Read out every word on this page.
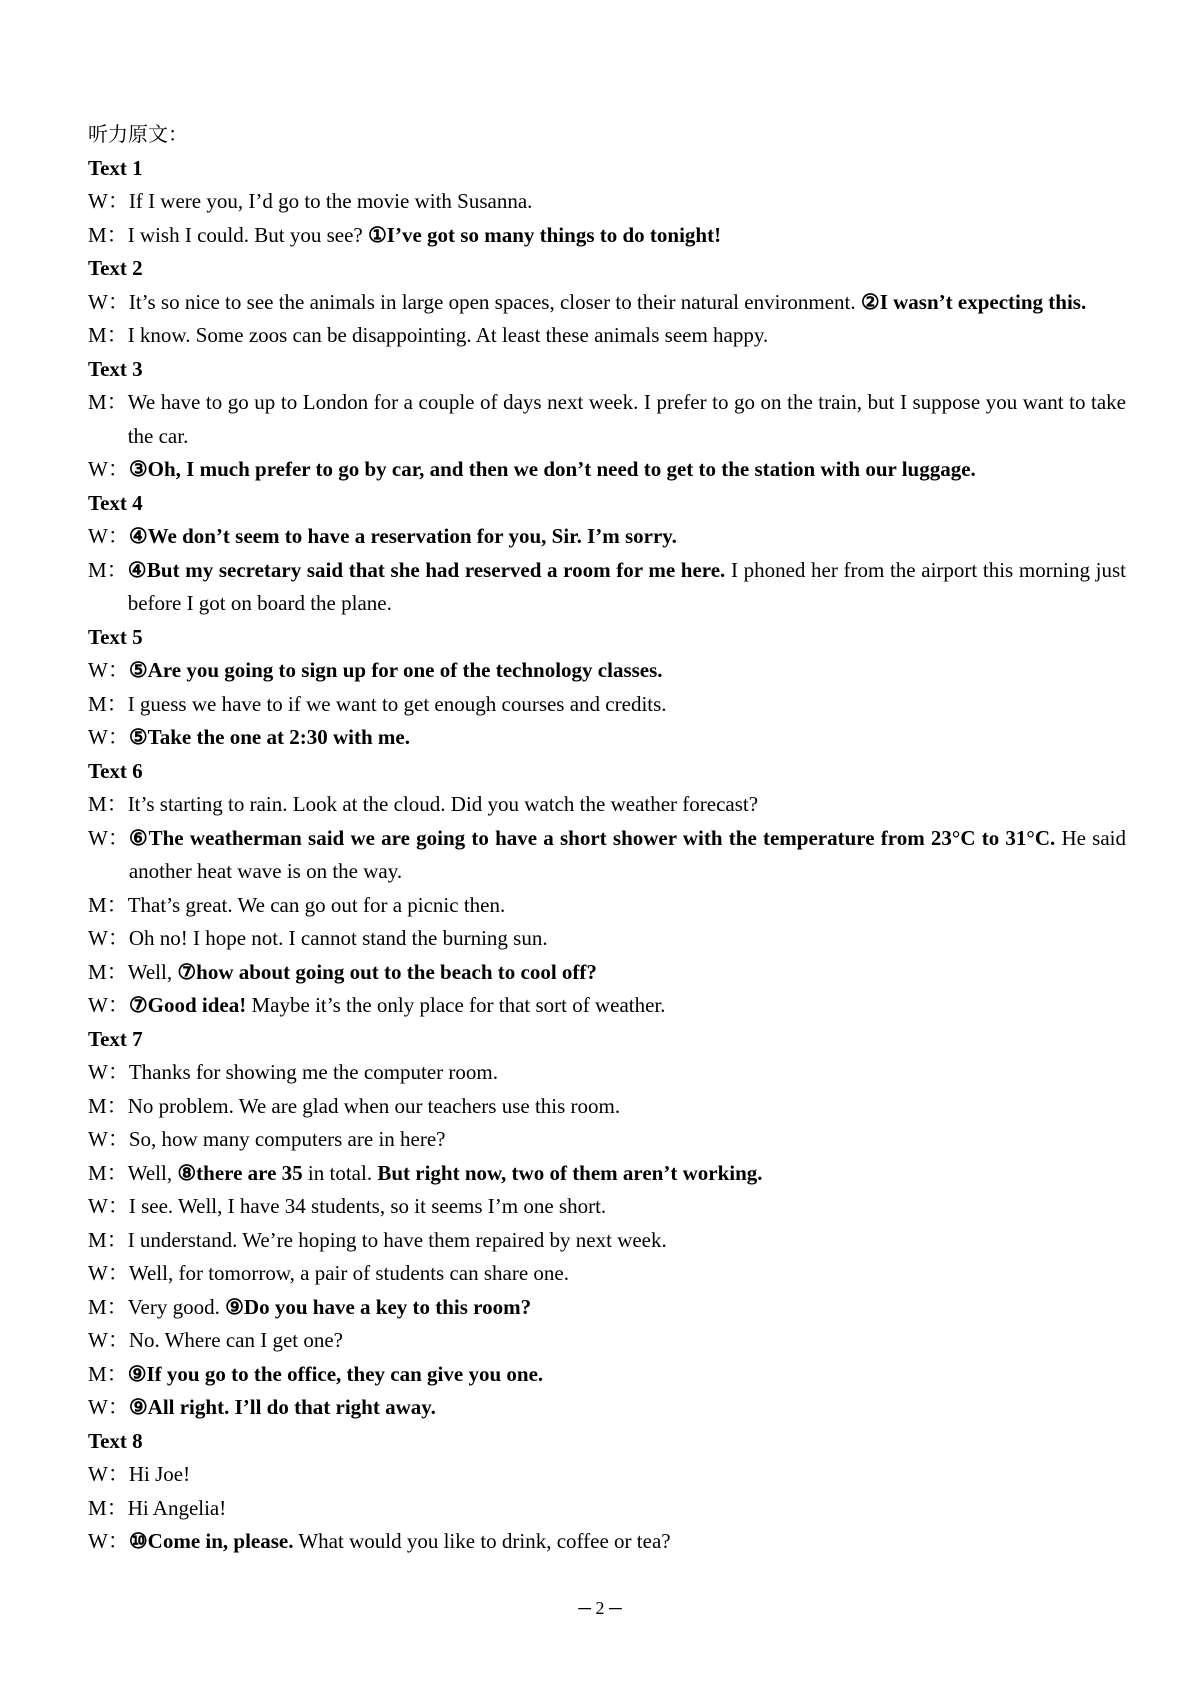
听力原文：
Text 1
W： If I were you, I’d go to the movie with Susanna.
M： I wish I could. But you see? ①I’ve got so many things to do tonight!
Text 2
W： It’s so nice to see the animals in large open spaces, closer to their natural environment. ②I wasn’t expecting this.
M： I know. Some zoos can be disappointing. At least these animals seem happy.
Text 3
M： We have to go up to London for a couple of days next week. I prefer to go on the train, but I suppose you want to take the car.
W： ③Oh, I much prefer to go by car, and then we don’t need to get to the station with our luggage.
Text 4
W： ④We don’t seem to have a reservation for you, Sir. I’m sorry.
M： ④But my secretary said that she had reserved a room for me here. I phoned her from the airport this morning just before I got on board the plane.
Text 5
W： ⑤Are you going to sign up for one of the technology classes.
M： I guess we have to if we want to get enough courses and credits.
W： ⑤Take the one at 2:30 with me.
Text 6
M： It’s starting to rain. Look at the cloud. Did you watch the weather forecast?
W： ⑥The weatherman said we are going to have a short shower with the temperature from 23°C to 31°C. He said another heat wave is on the way.
M： That’s great. We can go out for a picnic then.
W： Oh no! I hope not. I cannot stand the burning sun.
M： Well, ⑦how about going out to the beach to cool off?
W： ⑦Good idea! Maybe it’s the only place for that sort of weather.
Text 7
W： Thanks for showing me the computer room.
M： No problem. We are glad when our teachers use this room.
W： So, how many computers are in here?
M： Well, ⑧there are 35 in total. But right now, two of them aren’t working.
W： I see. Well, I have 34 students, so it seems I’m one short.
M： I understand. We’re hoping to have them repaired by next week.
W： Well, for tomorrow, a pair of students can share one.
M： Very good. ⑨Do you have a key to this room?
W： No. Where can I get one?
M： ⑨If you go to the office, they can give you one.
W： ⑨All right. I’ll do that right away.
Text 8
W： Hi Joe!
M： Hi Angelia!
W： ⑩Come in, please. What would you like to drink, coffee or tea?
─ 2 ─
